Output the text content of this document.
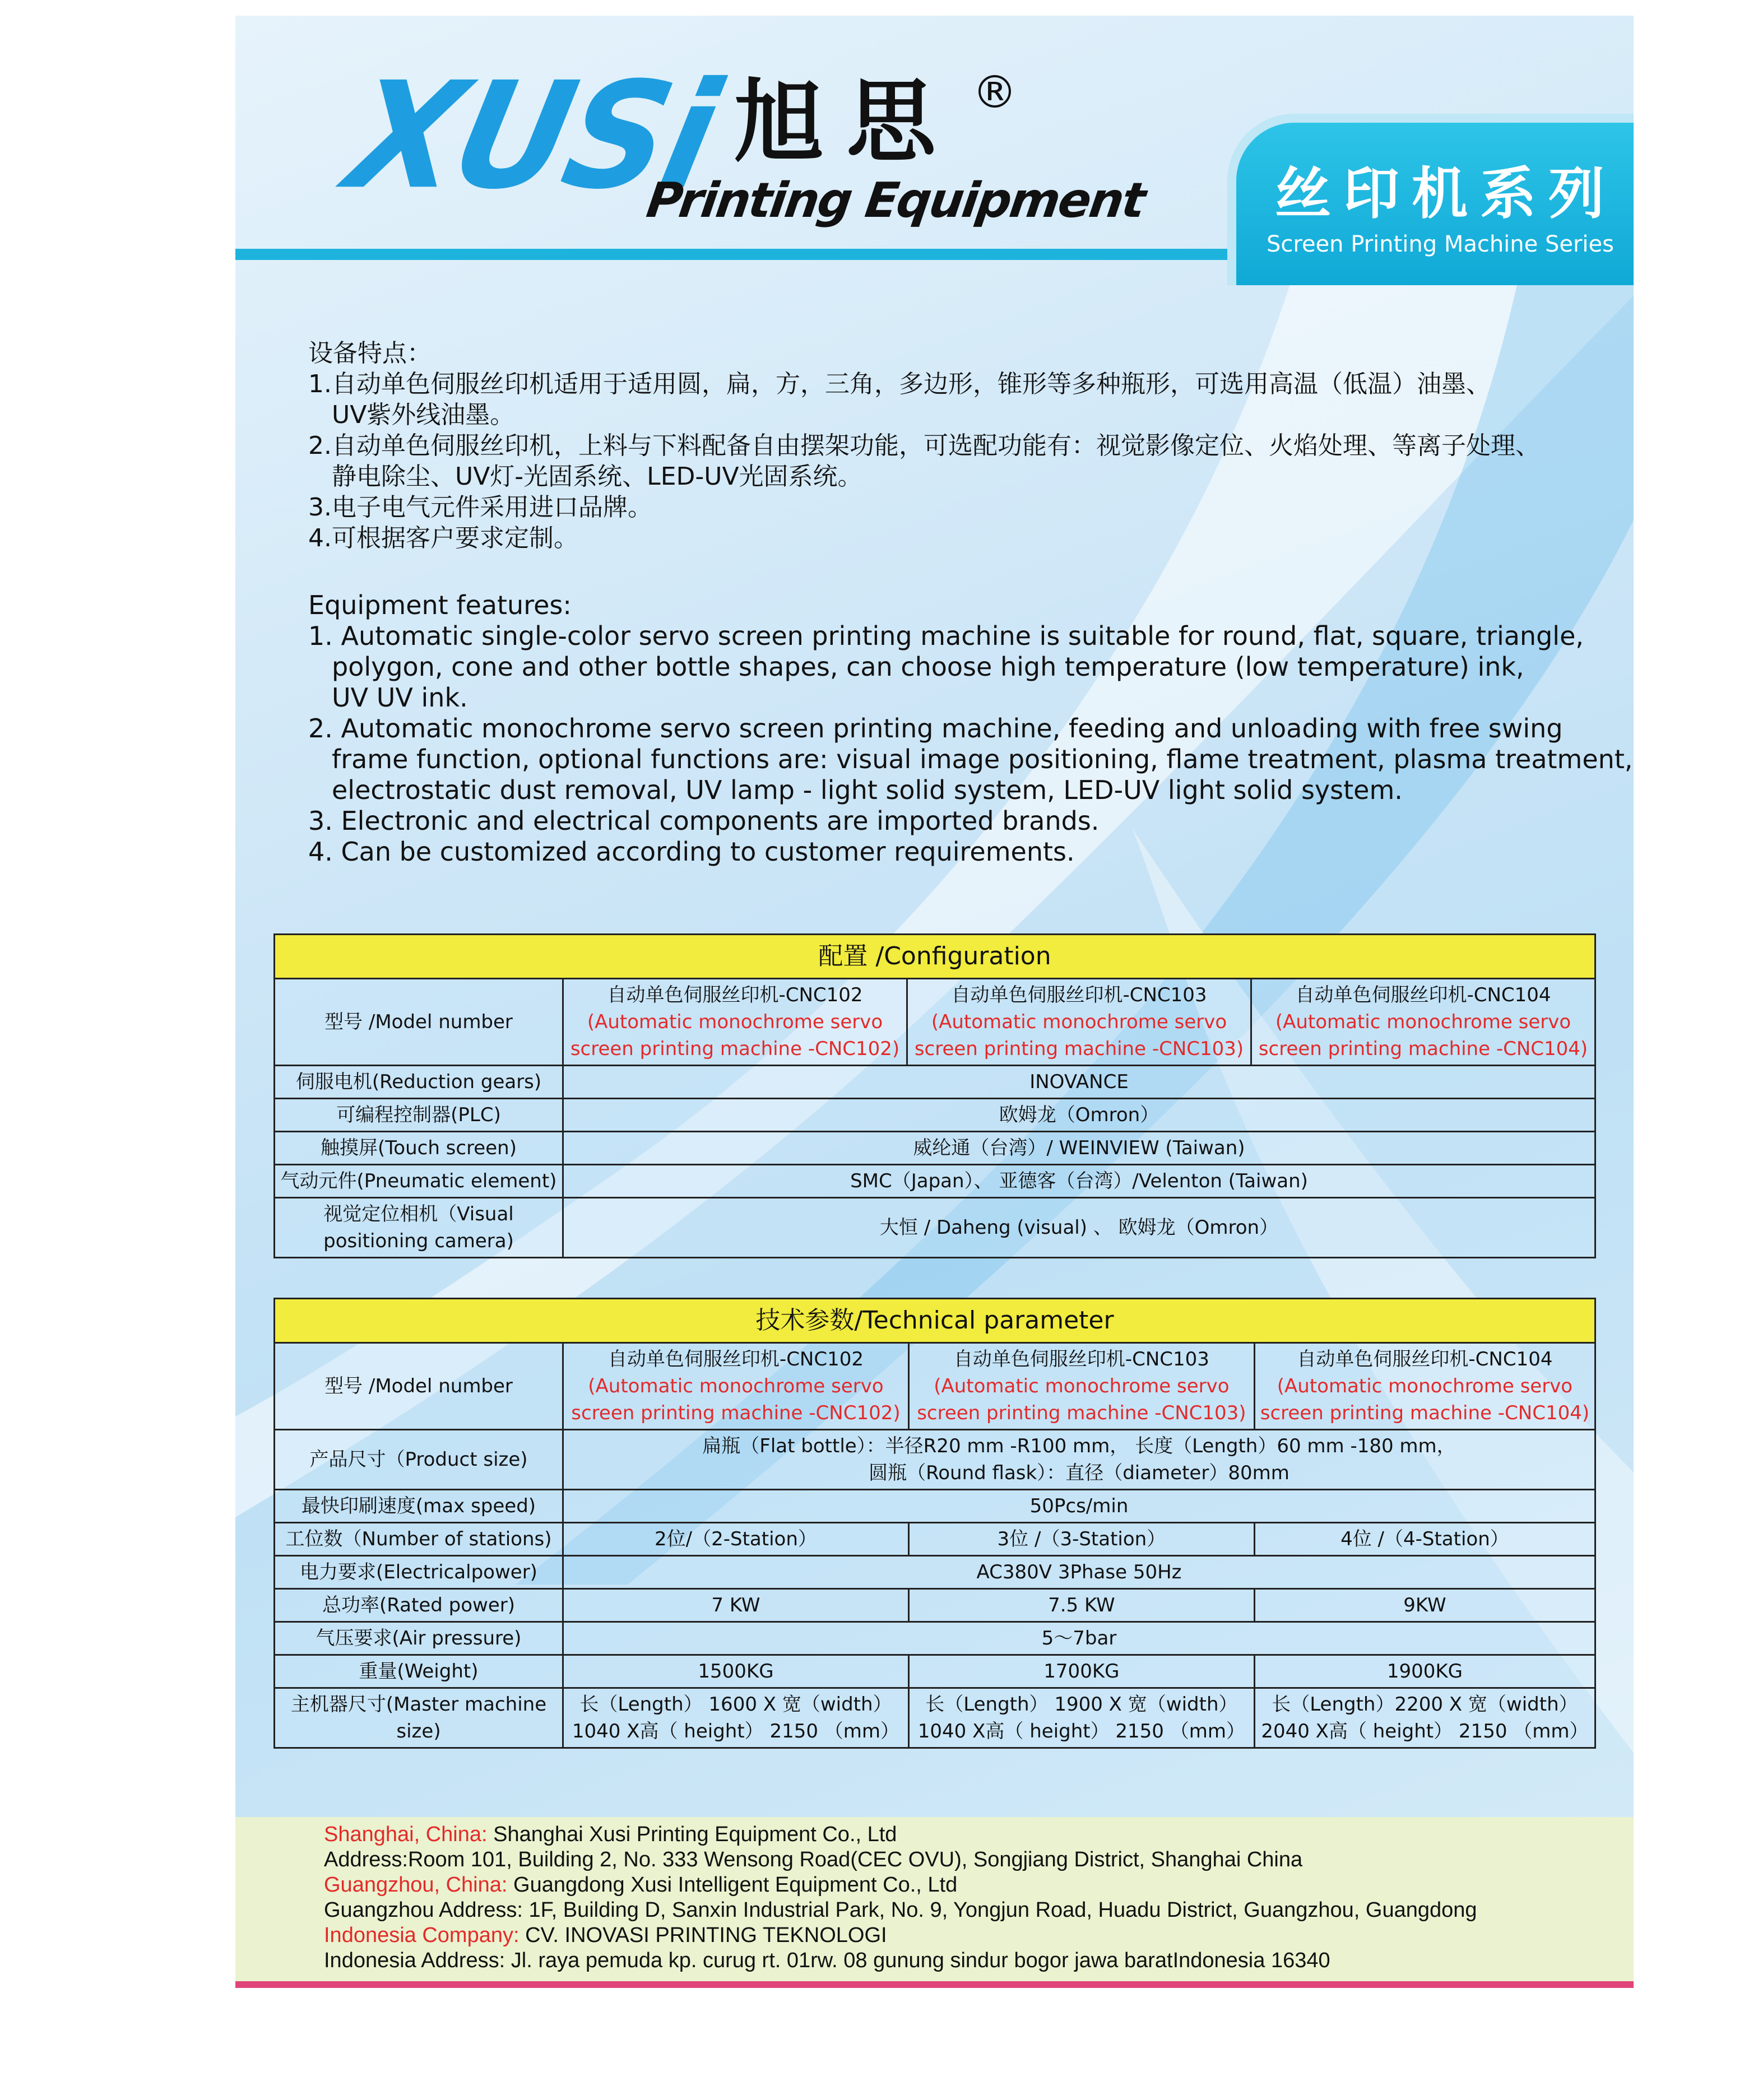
XUSi 旭思 ®
Printing Equipment 丝印机系列
Screen Printing Machine Series
设备特点：
1.自动单色伺服丝印机适用于适用圆，扁，方，三角，多边形，锥形等多种瓶形，可选用高温（低温）油墨、
UV紫外线油墨。
2.自动单色伺服丝印机，上料与下料配备自由摆架功能，可选配功能有：视觉影像定位、火焰处理、等离子处理、
静电除尘、UV灯-光固系统、LED-UV光固系统。
3.电子电气元件采用进口品牌。
4.可根据客户要求定制。
Equipment features:
1. Automatic single-color servo screen printing machine is suitable for round, flat, square, triangle,
polygon, cone and other bottle shapes, can choose high temperature (low temperature) ink,
UV UV ink.
2. Automatic monochrome servo screen printing machine, feeding and unloading with free swing
frame function, optional functions are: visual image positioning, flame treatment, plasma treatment,
electrostatic dust removal, UV lamp - light solid system, LED-UV light solid system.
3. Electronic and electrical components are imported brands.
4. Can be customized according to customer requirements.
配置 /Configuration			
型号 /Model number	自动单色伺服丝印机-CNC102
(Automatic monochrome servo
screen printing machine -CNC102)	自动单色伺服丝印机-CNC103
(Automatic monochrome servo
screen printing machine -CNC103)	自动单色伺服丝印机-CNC104
(Automatic monochrome servo
screen printing machine -CNC104)

伺服电机(Reduction gears)	INOVANCE		
可编程控制器(PLC)	欧姆龙（Omron）		
触摸屏(Touch screen)	威纶通（台湾）/ WEINVIEW (Taiwan)		
气动元件(Pneumatic element)	SMC（Japan）、 亚德客（台湾）/Velenton (Taiwan)		
视觉定位相机（Visual positioning camera)	大恒 / Daheng (visual) 、 欧姆龙（Omron）		
技术参数/Technical parameter			
型号 /Model number	自动单色伺服丝印机-CNC102
(Automatic monochrome servo
screen printing machine -CNC102)	自动单色伺服丝印机-CNC103
(Automatic monochrome servo
screen printing machine -CNC103)	自动单色伺服丝印机-CNC104
(Automatic monochrome servo
screen printing machine -CNC104)

产品尺寸（Product size)	扁瓶（Flat bottle）：半径R20 mm -R100 mm， 长度（Length）60 mm -180 mm，
圆瓶（Round flask）：直径（diameter）80mm		

最快印刷速度(max speed)	50Pcs/min		
工位数（Number of stations)	2位/（2-Station）	3位 /（3-Station）	4位 /（4-Station）
电力要求(Electricalpower)	AC380V 3Phase 50Hz		
总功率(Rated power)	7 KW	7.5 KW	9KW
气压要求(Air pressure)	5～7bar		
重量(Weight)	1500KG	1700KG	1900KG
主机器尺寸(Master machine size)	长（Length） 1600 X 宽（width） 1040 X高（ height） 2150 （mm）	长（Length） 1900 X 宽（width） 1040 X高（ height） 2150 （mm）	长（Length）2200 X 宽（width）2040 X高（ height） 2150 （mm）
Shanghai, China: Shanghai Xusi Printing Equipment Co., Ltd
Address:Room 101, Building 2, No. 333 Wensong Road(CEC OVU), Songjiang District, Shanghai China
Guangzhou, China: Guangdong Xusi Intelligent Equipment Co., Ltd
Guangzhou Address: 1F, Building D, Sanxin Industrial Park, No. 9, Yongjun Road, Huadu District, Guangzhou, Guangdong
Indonesia Company: CV. INOVASI PRINTING TEKNOLOGI
Indonesia Address: Jl. raya pemuda kp. curug rt. 01rw. 08 gunung sindur bogor jawa baratIndonesia 16340
